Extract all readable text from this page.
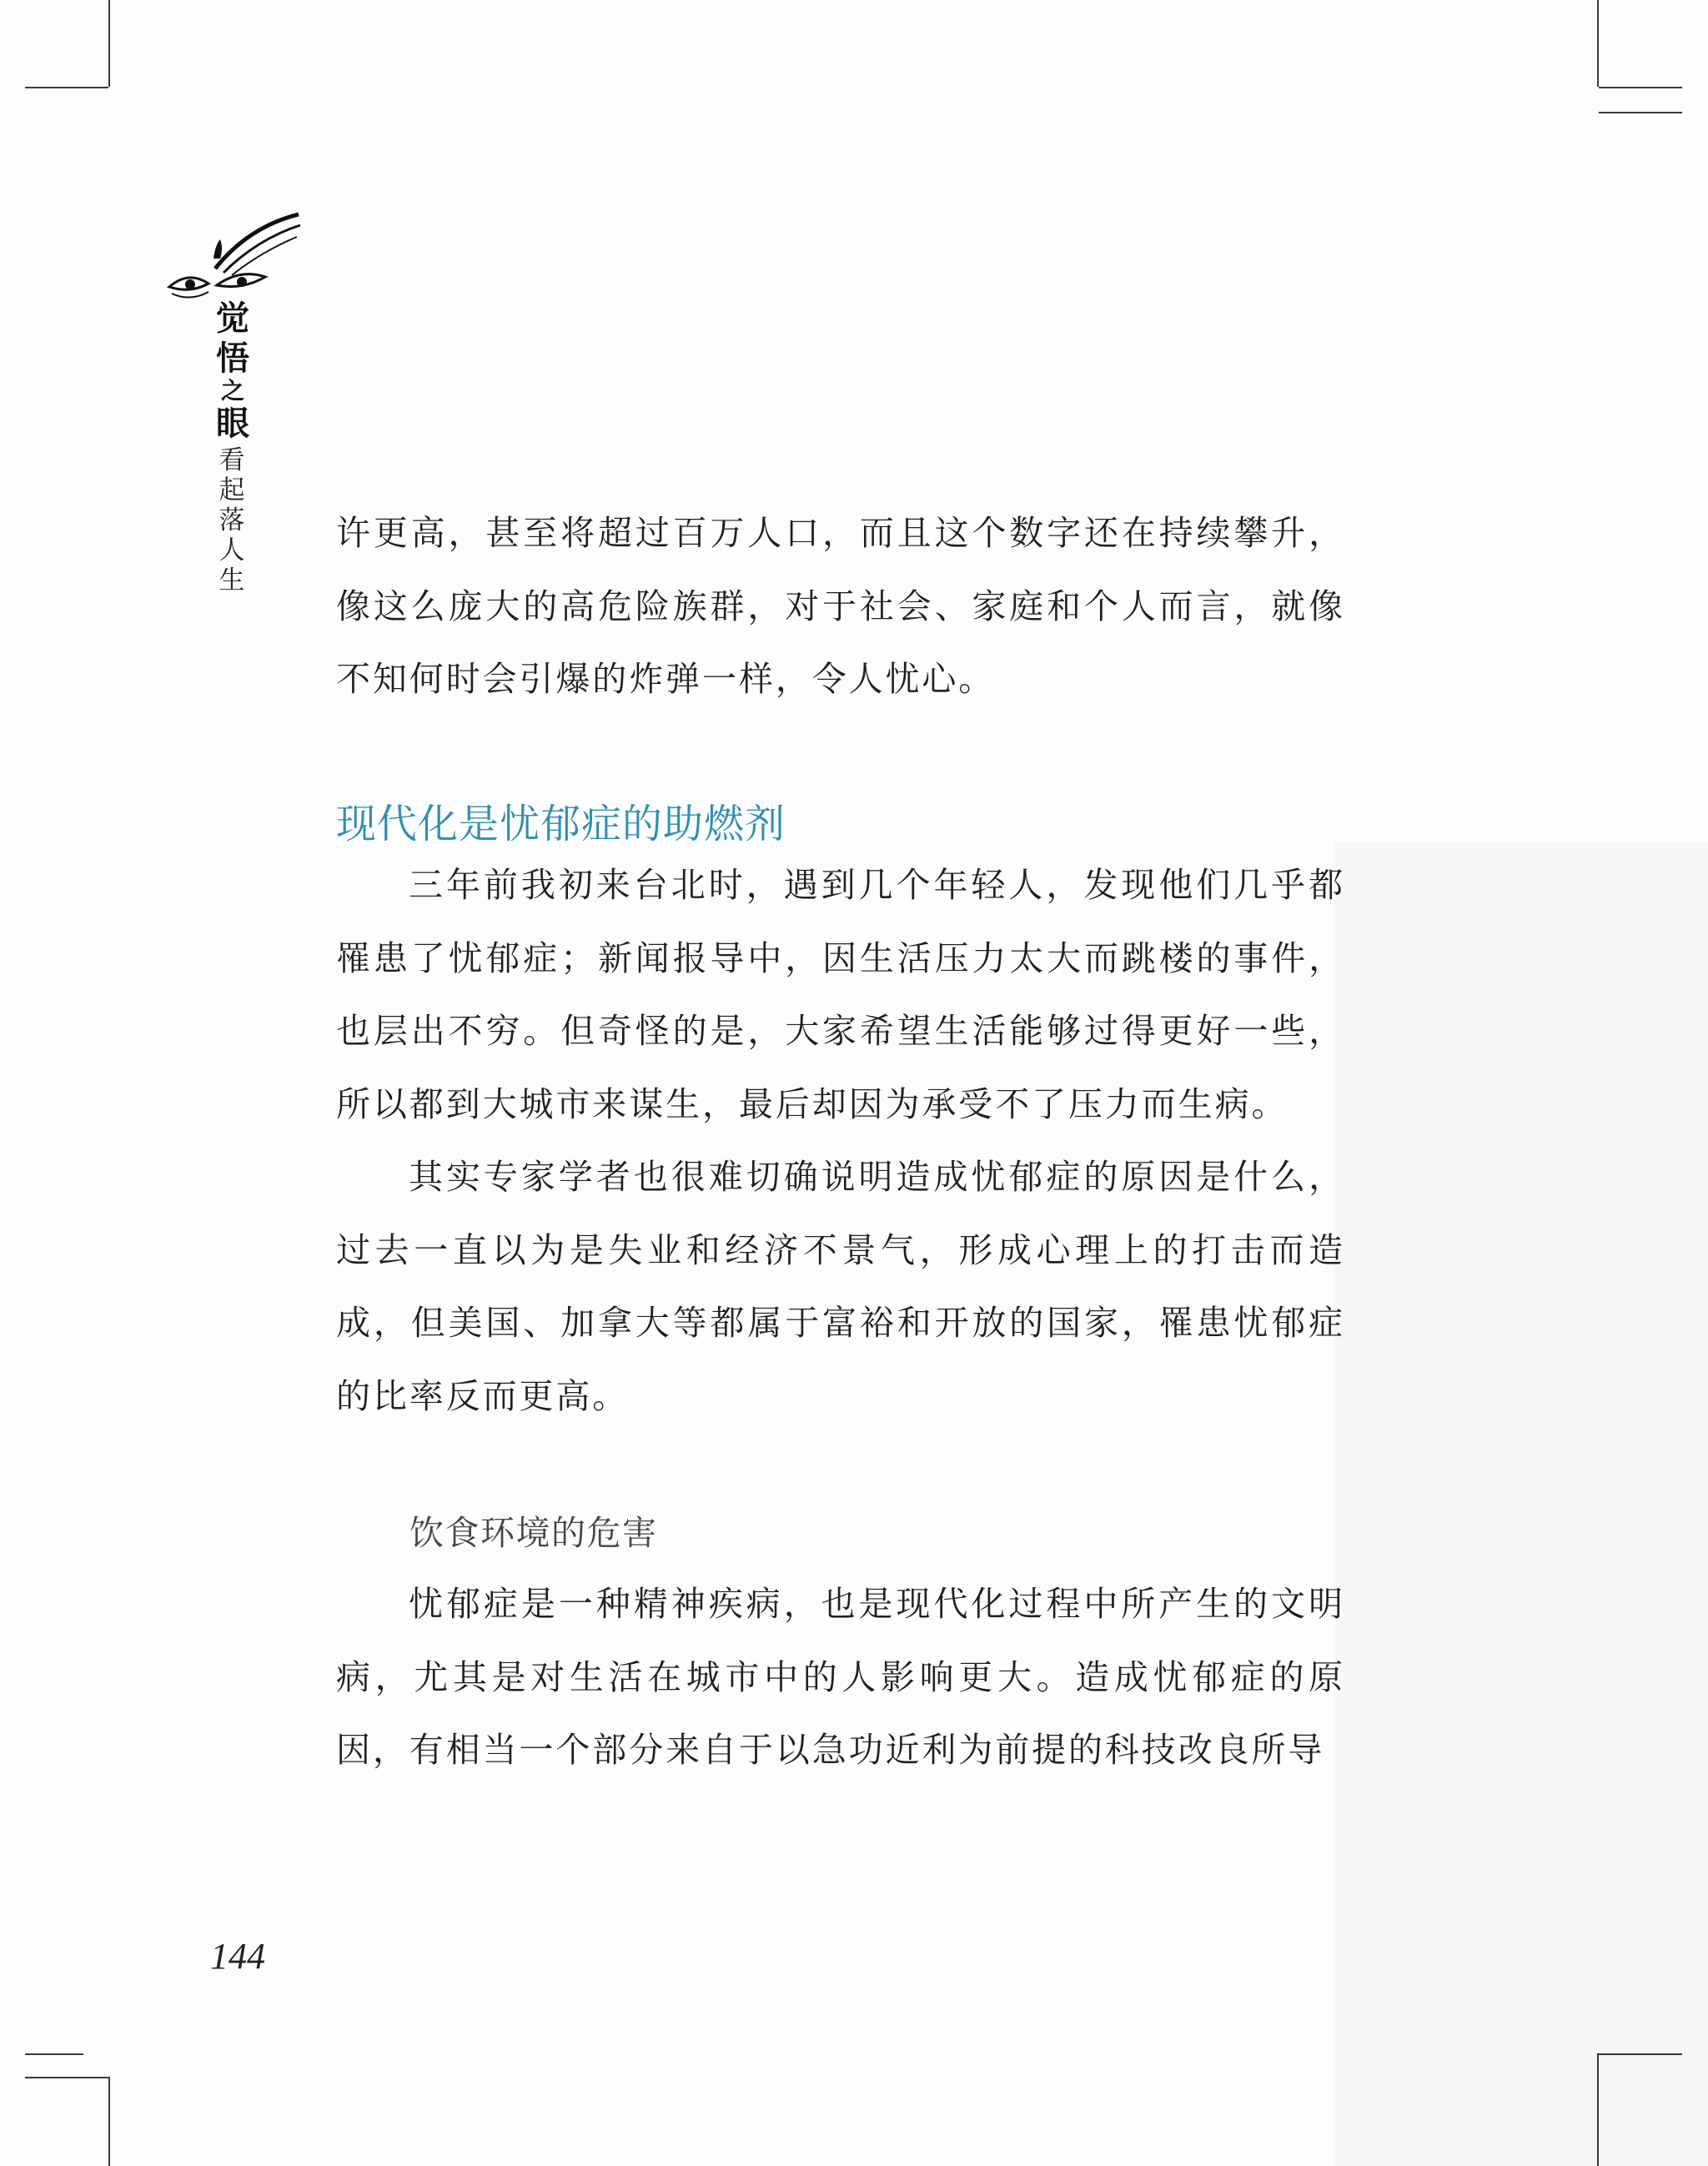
觉
悟
之
眼
看
起
落
人
生

许更高，甚至将超过百万人口，而且这个数字还在持续攀升，像这么庞大的高危险族群，对于社会、家庭和个人而言，就像不知何时会引爆的炸弹一样，令人忧心。

现代化是忧郁症的助燃剂

三年前我初来台北时，遇到几个年轻人，发现他们几乎都罹患了忧郁症；新闻报导中，因生活压力太大而跳楼的事件，也层出不穷。但奇怪的是，大家希望生活能够过得更好一些，所以都到大城市来谋生，最后却因为承受不了压力而生病。

其实专家学者也很难切确说明造成忧郁症的原因是什么，过去一直以为是失业和经济不景气，形成心理上的打击而造成，但美国、加拿大等都属于富裕和开放的国家，罹患忧郁症的比率反而更高。

饮食环境的危害

忧郁症是一种精神疾病，也是现代化过程中所产生的文明病，尤其是对生活在城市中的人影响更大。造成忧郁症的原因，有相当一个部分来自于以急功近利为前提的科技改良所导

144
